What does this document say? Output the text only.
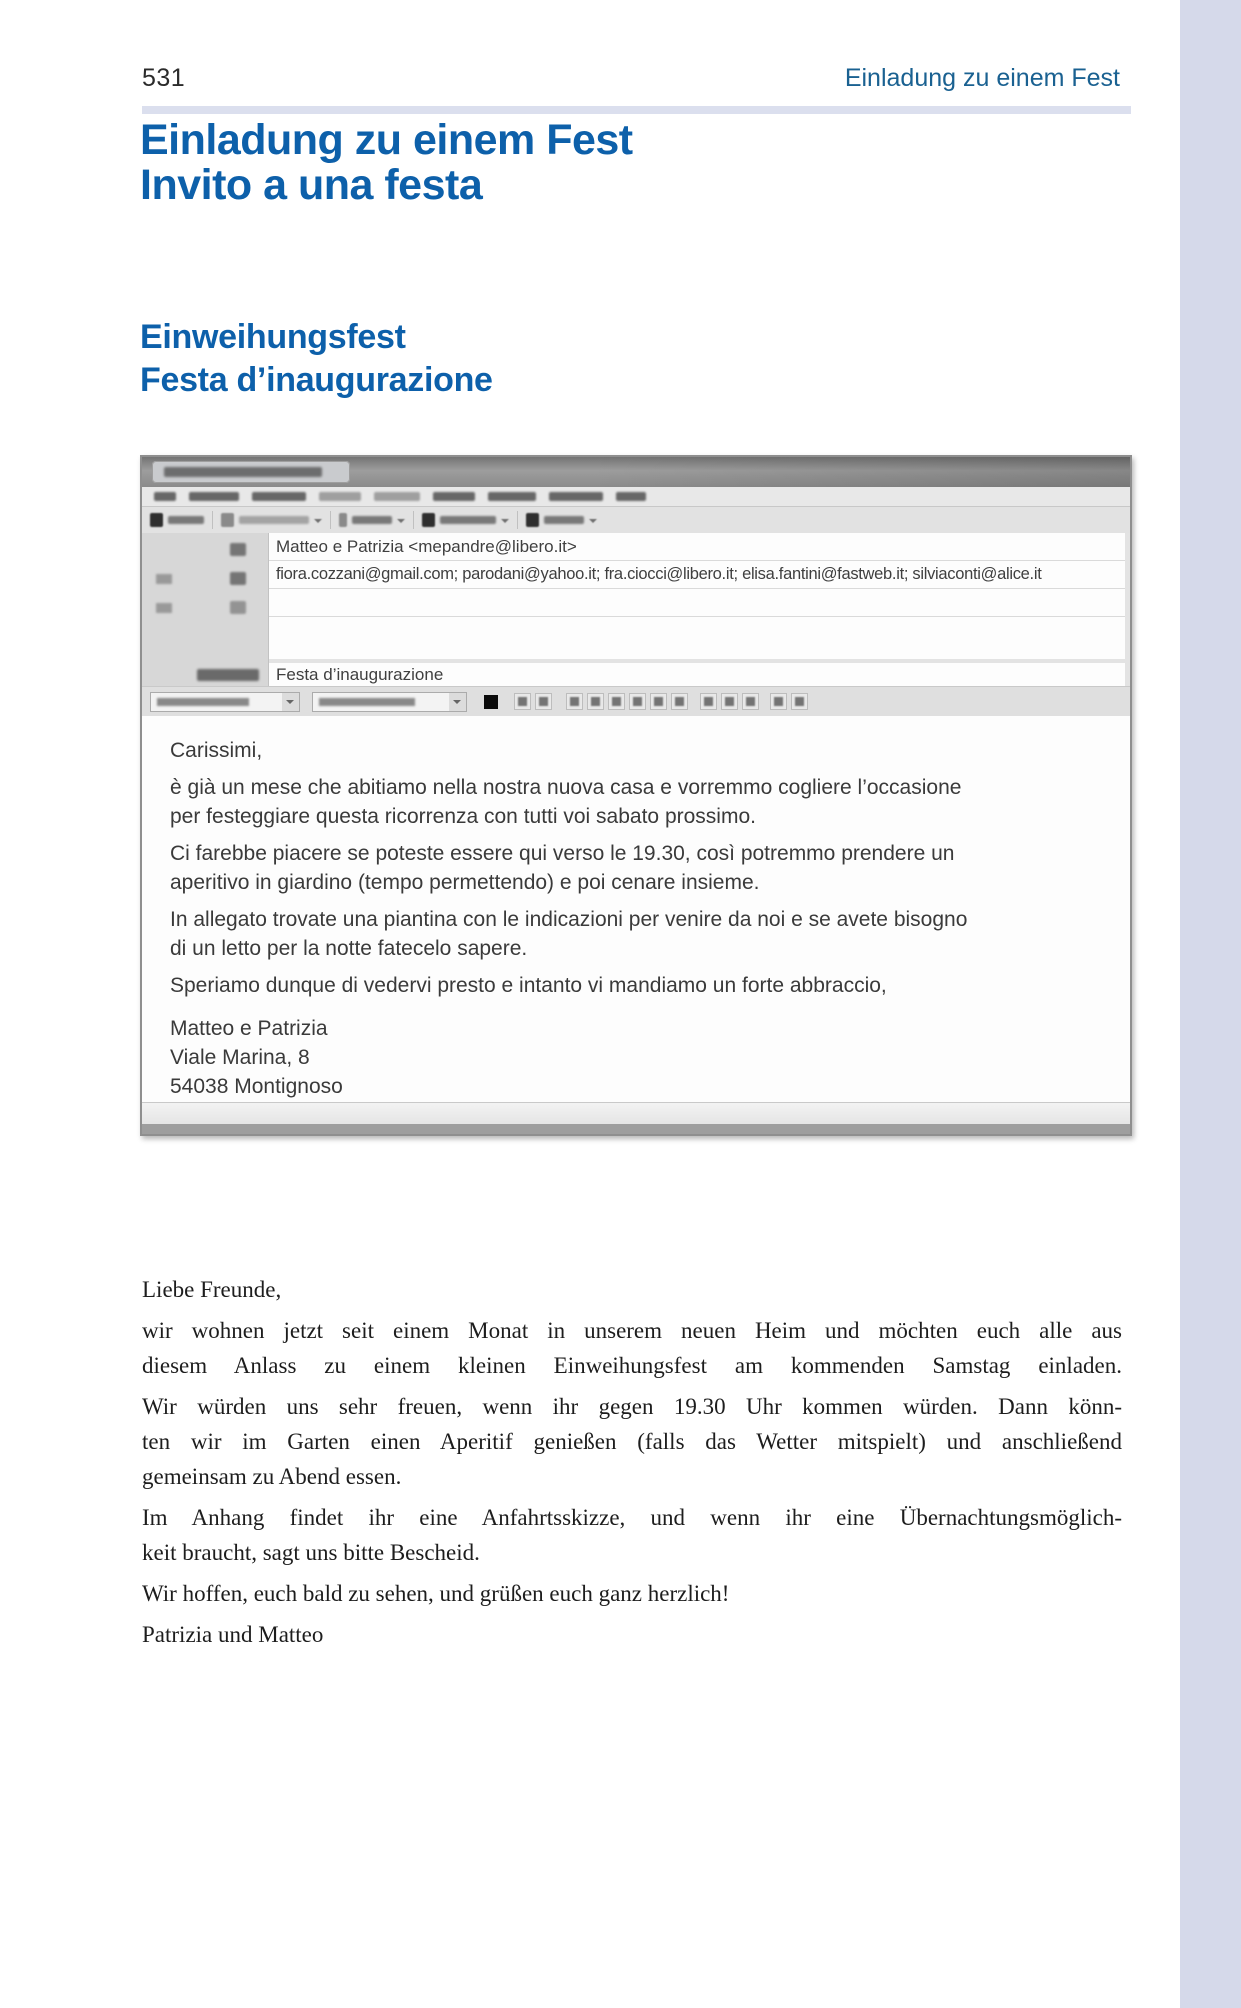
531	Einladung zu einem Fest
Einladung zu einem Fest
Invito a una festa
Einweihungsfest
Festa d’inaugurazione
Matteo e Patrizia <mepandre@libero.it>
fiora.cozzani@gmail.com; parodani@yahoo.it; fra.ciocci@libero.it; elisa.fantini@fastweb.it; silviaconti@alice.it
Festa d’inaugurazione
Carissimi,
è già un mese che abitiamo nella nostra nuova casa e vorremmo cogliere l’occasione
per festeggiare questa ricorrenza con tutti voi sabato prossimo.
Ci farebbe piacere se poteste essere qui verso le 19.30, così potremmo prendere un
aperitivo in giardino (tempo permettendo) e poi cenare insieme.
In allegato trovate una piantina con le indicazioni per venire da noi e se avete bisogno
di un letto per la notte fatecelo sapere.
Speriamo dunque di vedervi presto e intanto vi mandiamo un forte abbraccio,
Matteo e Patrizia
Viale Marina, 8
54038 Montignoso
Liebe Freunde,
wir wohnen jetzt seit einem Monat in unserem neuen Heim und möchten euch alle aus
diesem Anlass zu einem kleinen Einweihungsfest am kommenden Samstag einladen.
Wir würden uns sehr freuen, wenn ihr gegen 19.30 Uhr kommen würden. Dann könn-
ten wir im Garten einen Aperitif genießen (falls das Wetter mitspielt) und anschließend
gemeinsam zu Abend essen.
Im Anhang findet ihr eine Anfahrtsskizze, und wenn ihr eine Übernachtungsmöglich-
keit braucht, sagt uns bitte Bescheid.
Wir hoffen, euch bald zu sehen, und grüßen euch ganz herzlich!
Patrizia und Matteo
